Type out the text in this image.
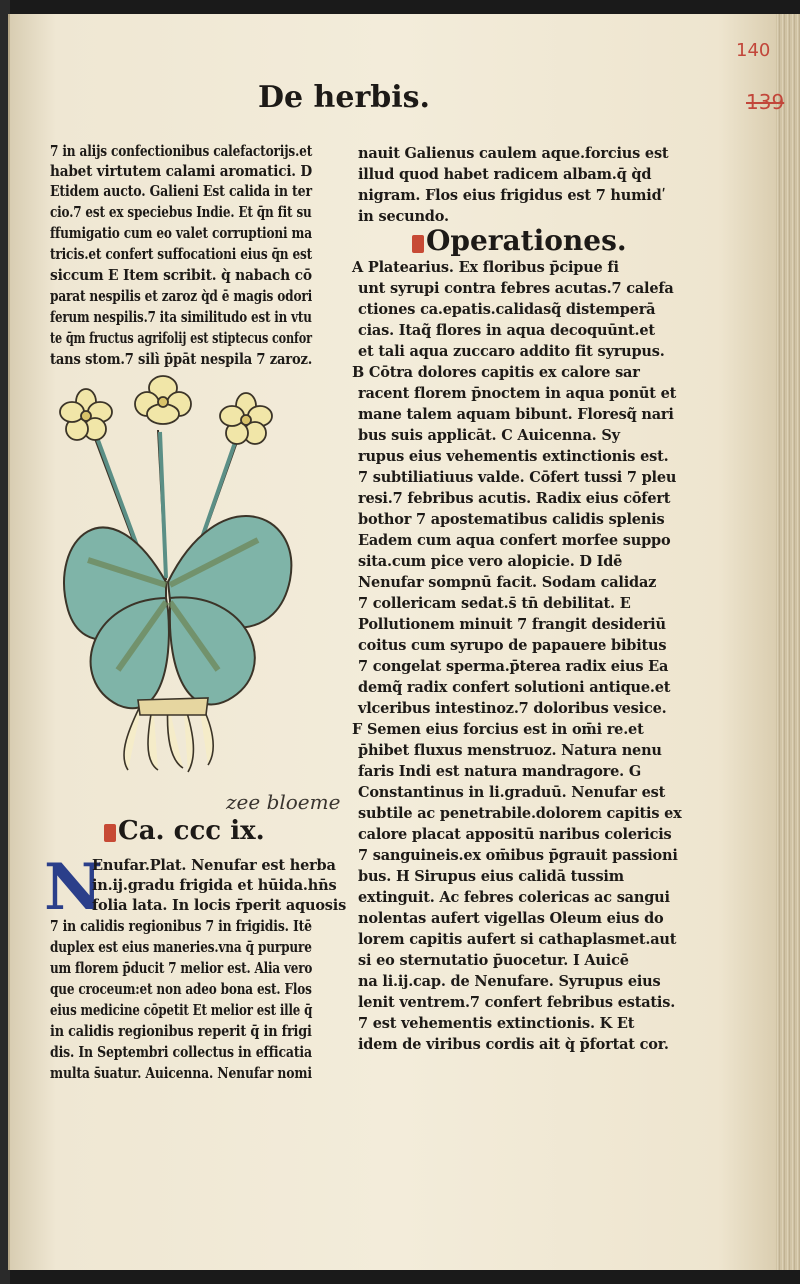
140
139
De herbis.
7 in alijs confectionibus calefactorijs.et
habet virtutem calami aromatici. D
Etidem aucto. Galieni Est calida in ter
cio.7 est ex speciebus Indie. Et q̄n fit su
ffumigatio cum eo valet corruptioni ma
tricis.et confert suffocationi eius q̄n est
siccum E Item scribit. q̀ nabach cō
parat nespilis et zaroz q̀d ē magis odori
ferum nespilis.7 ita similitudo est in vtu
te q̄m fructus agrifolij est stiptecus confor
tans stom.7 silì p̄pāt nespila 7 zaroz.
zee bloeme
Ca. ccc ix.
N
Enufar.Plat. Nenufar est herba
in.ij.gradu frigida et hūida.hn̄s
folia lata. In locis r̄perit aquosis
7 in calidis regionibus 7 in frigidis. Itē
duplex est eius maneries.vna q̄ purpure
um florem p̄ducit 7 melior est. Alia vero
que croceum:et non adeo bona est. Flos
eius medicine cōpetit Et melior est ille q̄
in calidis regionibus reperit q̄ in frigi
dis. In Septembri collectus in efficatia
multa s̄uatur. Auicenna. Nenufar nomi
nauit Galienus caulem aque.forcius est
illud quod habet radicem albam.q̄ q̀d
nigram. Flos eius frigidus est 7 humidʹ
in secundo.
Operationes.
A Platearius. Ex floribus p̄cipue fi
unt syrupi contra febres acutas.7 calefa
ctiones ca.epatis.calidasq̃ distemperā
cias. Itaq̃ flores in aqua decoquūnt.et
et tali aqua zuccaro addito fit syrupus.
B Cōtra dolores capitis ex calore sar
racent florem p̄noctem in aqua ponūt et
mane talem aquam bibunt. Floresq̃ nari
bus suis applicāt. C Auicenna. Sy
rupus eius vehementis extinctionis est.
7 subtiliatiuus valde. Cōfert tussi 7 pleu
resi.7 febribus acutis. Radix eius cōfert
bothor 7 apostematibus calidis splenis
Eadem cum aqua confert morfee suppo
sita.cum pice vero alopicie. D Idē
Nenufar sompnū facit. Sodam calidaz
7 collericam sedat.s̄ tn̄ debilitat. E
Pollutionem minuit 7 frangit desideriū
coitus cum syrupo de papauere bibitus
7 congelat sperma.p̄terea radix eius Ea
demq̃ radix confert solutioni antique.et
vlceribus intestinoz.7 doloribus vesice.
F Semen eius forcius est in om̄i re.et
p̄hibet fluxus menstruoz. Natura nenu
faris Indi est natura mandragore. G
Constantinus in li.graduū. Nenufar est
subtile ac penetrabile.dolorem capitis ex
calore placat appositū naribus colericis
7 sanguineis.ex om̄ibus p̄grauit passioni
bus. H Sirupus eius calidā tussim
extinguit. Ac febres colericas ac sangui
nolentas aufert vigellas Oleum eius do
lorem capitis aufert si cathaplasmet.aut
si eo sternutatio p̄uocetur. I Auicē
na li.ij.cap. de Nenufare. Syrupus eius
lenit ventrem.7 confert febribus estatis.
7 est vehementis extinctionis. K Et
idem de viribus cordis ait q̀ p̄fortat cor.
